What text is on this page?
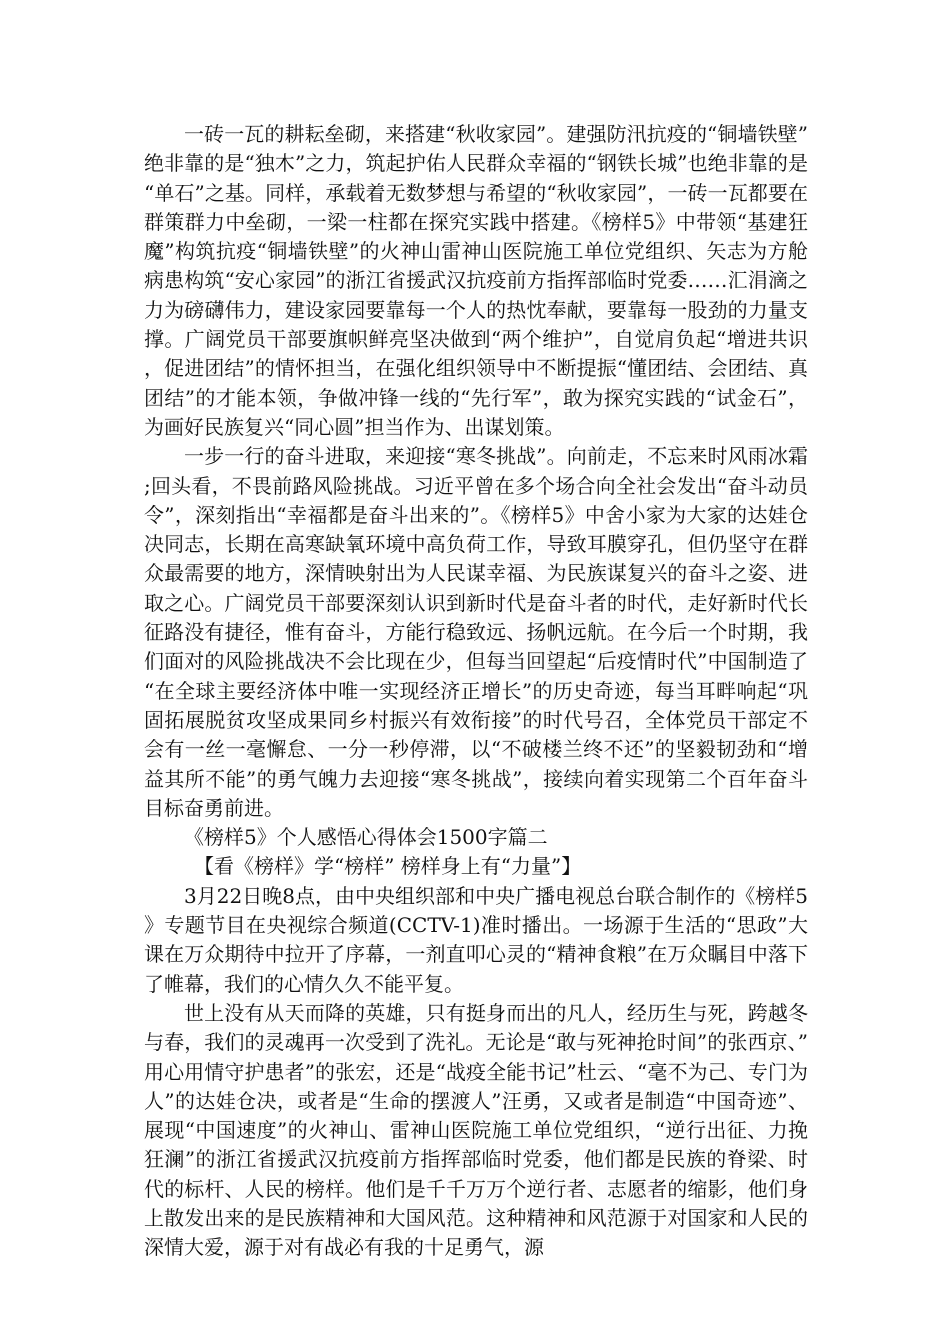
一砖一瓦的耕耘垒砌，来搭建“秋收家园”。建强防汛抗疫的“铜墙铁壁”绝非靠的是“独木”之力，筑起护佑人民群众幸福的“钢铁长城”也绝非靠的是“单石”之基。同样，承载着无数梦想与希望的“秋收家园”，一砖一瓦都要在群策群力中垒砌，一梁一柱都在探究实践中搭建。《榜样5》中带领“基建狂魔”构筑抗疫“铜墙铁壁”的火神山雷神山医院施工单位党组织、矢志为方舱病患构筑“安心家园”的浙江省援武汉抗疫前方指挥部临时党委……汇涓滴之力为磅礴伟力，建设家园要靠每一个人的热忱奉献，要靠每一股劲的力量支撑。广阔党员干部要旗帜鲜亮坚决做到“两个维护”，自觉肩负起“增进共识，促进团结”的情怀担当，在强化组织领导中不断提振“懂团结、会团结、真团结”的才能本领，争做冲锋一线的“先行军”，敢为探究实践的“试金石”，为画好民族复兴“同心圆”担当作为、出谋划策。

一步一行的奋斗进取，来迎接“寒冬挑战”。向前走，不忘来时风雨冰霜;回头看，不畏前路风险挑战。习近平曾在多个场合向全社会发出“奋斗动员令”，深刻指出“幸福都是奋斗出来的”。《榜样5》中舍小家为大家的达娃仓决同志，长期在高寒缺氧环境中高负荷工作，导致耳膜穿孔，但仍坚守在群众最需要的地方，深情映射出为人民谋幸福、为民族谋复兴的奋斗之姿、进取之心。广阔党员干部要深刻认识到新时代是奋斗者的时代，走好新时代长征路没有捷径，惟有奋斗，方能行稳致远、扬帆远航。在今后一个时期，我们面对的风险挑战决不会比现在少，但每当回望起“后疫情时代”中国制造了“在全球主要经济体中唯一实现经济正增长”的历史奇迹，每当耳畔响起“巩固拓展脱贫攻坚成果同乡村振兴有效衔接”的时代号召，全体党员干部定不会有一丝一毫懈怠、一分一秒停滞，以“不破楼兰终不还”的坚毅韧劲和“增益其所不能”的勇气魄力去迎接“寒冬挑战”，接续向着实现第二个百年奋斗目标奋勇前进。

《榜样5》个人感悟心得体会1500字篇二

【看《榜样》学“榜样” 榜样身上有“力量”】

3月22日晚8点，由中央组织部和中央广播电视总台联合制作的《榜样5》专题节目在央视综合频道(CCTV-1)准时播出。一场源于生活的“思政”大课在万众期待中拉开了序幕，一剂直叩心灵的“精神食粮”在万众瞩目中落下了帷幕，我们的心情久久不能平复。

世上没有从天而降的英雄，只有挺身而出的凡人，经历生与死，跨越冬与春，我们的灵魂再一次受到了洗礼。无论是“敢与死神抢时间”的张西京、”用心用情守护患者”的张宏，还是“战疫全能书记”杜云、“毫不为己、专门为人”的达娃仓决，或者是“生命的摆渡人”汪勇，又或者是制造“中国奇迹”、展现“中国速度”的火神山、雷神山医院施工单位党组织，“逆行出征、力挽狂澜”的浙江省援武汉抗疫前方指挥部临时党委，他们都是民族的脊梁、时代的标杆、人民的榜样。他们是千千万万个逆行者、志愿者的缩影，他们身上散发出来的是民族精神和大国风范。这种精神和风范源于对国家和人民的深情大爱，源于对有战必有我的十足勇气，源
